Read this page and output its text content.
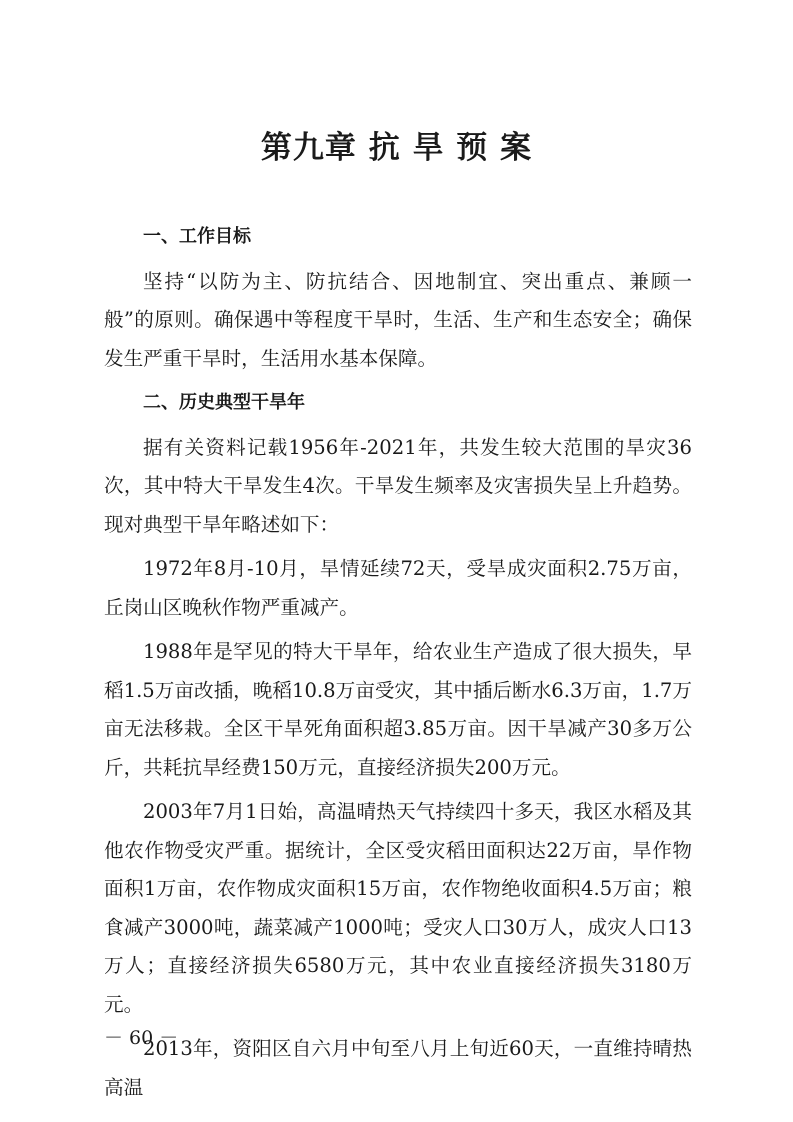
第九章 抗 旱 预 案

一、工作目标

坚持“以防为主、防抗结合、因地制宜、突出重点、兼顾一般”的原则。确保遇中等程度干旱时，生活、生产和生态安全；确保发生严重干旱时，生活用水基本保障。

二、历史典型干旱年

据有关资料记载1956年-2021年，共发生较大范围的旱灾36次，其中特大干旱发生4次。干旱发生频率及灾害损失呈上升趋势。现对典型干旱年略述如下：

1972年8月-10月，旱情延续72天，受旱成灾面积2.75万亩，丘岗山区晚秋作物严重减产。

1988年是罕见的特大干旱年，给农业生产造成了很大损失，早稻1.5万亩改插，晚稻10.8万亩受灾，其中插后断水6.3万亩，1.7万亩无法移栽。全区干旱死角面积超3.85万亩。因干旱减产30多万公斤，共耗抗旱经费150万元，直接经济损失200万元。

2003年7月1日始，高温晴热天气持续四十多天，我区水稻及其他农作物受灾严重。据统计，全区受灾稻田面积达22万亩，旱作物面积1万亩，农作物成灾面积15万亩，农作物绝收面积4.5万亩；粮食减产3000吨，蔬菜减产1000吨；受灾人口30万人，成灾人口13万人；直接经济损失6580万元，其中农业直接经济损失3180万元。

2013年，资阳区自六月中旬至八月上旬近60天，一直维持晴热高温

－ 60 －
